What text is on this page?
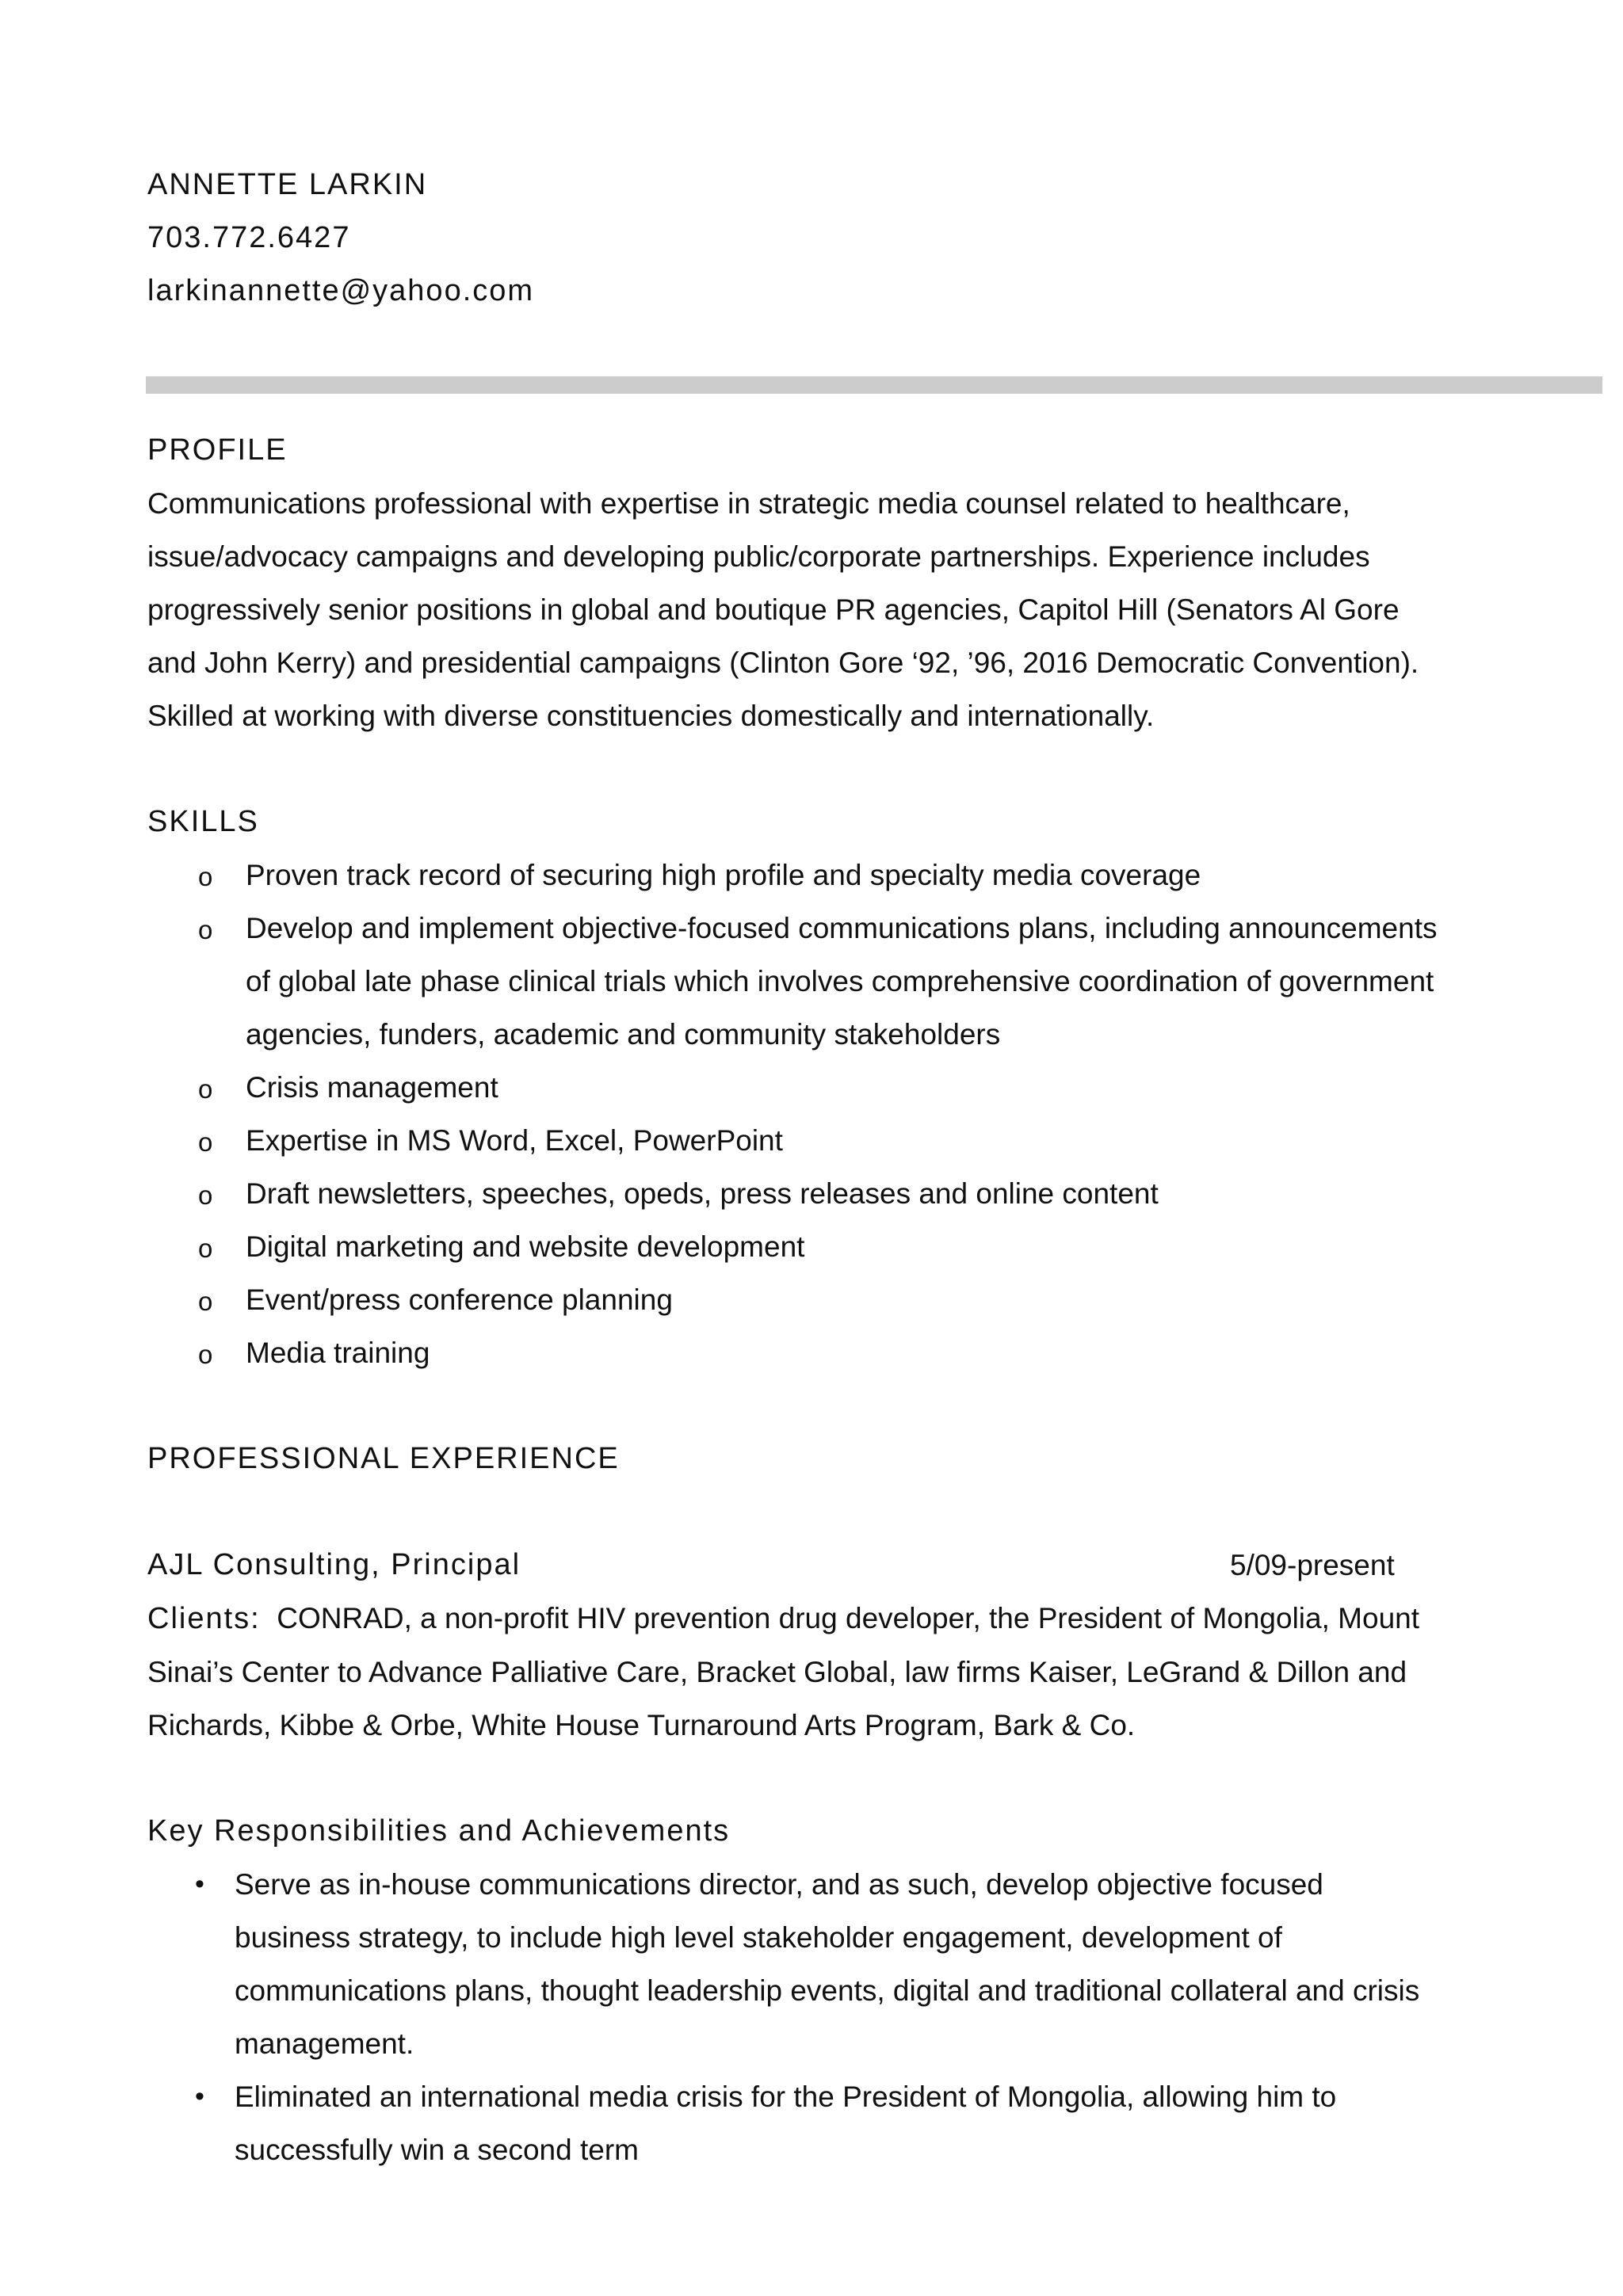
ANNETTE LARKIN

703.772.6427

larkinannette@yahoo.com

PROFILE

Communications professional with expertise in strategic media counsel related to healthcare,

issue/advocacy campaigns and developing public/corporate partnerships. Experience includes

progressively senior positions in global and boutique PR agencies, Capitol Hill (Senators Al Gore

and John Kerry) and presidential campaigns (Clinton Gore ‘92, ’96, 2016 Democratic Convention).

Skilled at working with diverse constituencies domestically and internationally.

SKILLS

o Proven track record of securing high profile and specialty media coverage
o Develop and implement objective-focused communications plans, including announcements
of global late phase clinical trials which involves comprehensive coordination of government
agencies, funders, academic and community stakeholders
o Crisis management
o Expertise in MS Word, Excel, PowerPoint
o Draft newsletters, speeches, opeds, press releases and online content
o Digital marketing and website development
o Event/press conference planning
o Media training

PROFESSIONAL EXPERIENCE

AJL Consulting, Principal	5/09-present

Clients: CONRAD, a non-profit HIV prevention drug developer, the President of Mongolia, Mount

Sinai’s Center to Advance Palliative Care, Bracket Global, law firms Kaiser, LeGrand & Dillon and

Richards, Kibbe & Orbe, White House Turnaround Arts Program, Bark & Co.

Key Responsibilities and Achievements

• Serve as in-house communications director, and as such, develop objective focused
business strategy, to include high level stakeholder engagement, development of
communications plans, thought leadership events, digital and traditional collateral and crisis
management.
• Eliminated an international media crisis for the President of Mongolia, allowing him to
successfully win a second term
